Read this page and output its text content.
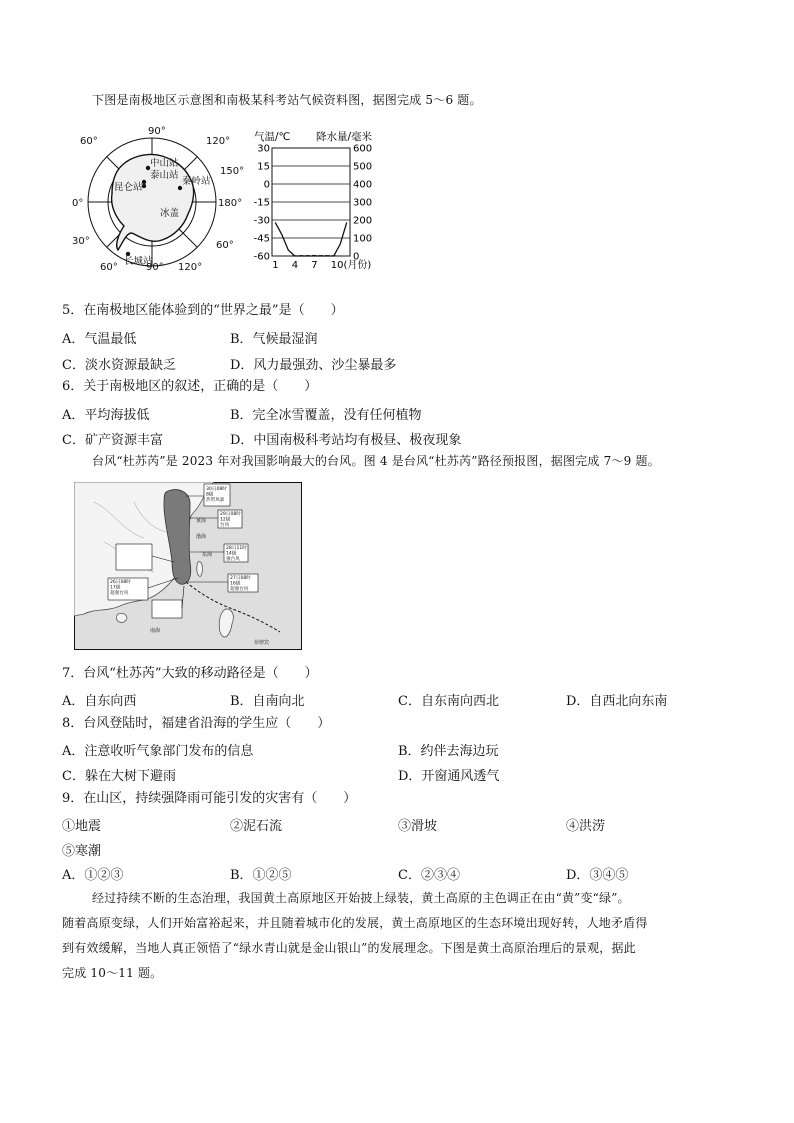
下图是南极地区示意图和南极某科考站气候资料图，据图完成 5～6 题。
90°
60°	120°
150°
0°	180°
30°	60°
60°	90° 120°
中山站
泰山站
昆仑站
秦岭站
冰盖
长城站
气温/℃ 降水量/毫米
30
15
0
-15
-30
-45
-60
600
500
400
300
200
100
0
1 4 7 10(月份)
5．在南极地区能体验到的“世界之最”是（　　）
A．气温最低	B．气候最湿润
C．淡水资源最缺乏	D．风力最强劲、沙尘暴最多
6．关于南极地区的叙述，正确的是（　　）
A．平均海拔低	B．完全冰雪覆盖，没有任何植物
C．矿产资源丰富	D．中国南极科考站均有极昼、极夜现象
台风“杜苏芮”是 2023 年对我国影响最大的台风。图 4 是台风“杜苏芮”路径预报图，据图完成 7～9 题。
30日08时 8级热带风暴
29日08时 12级台风
28日11时 14级强台风
27日08时 16级超强台风
26日08时 17级超强台风
渤海
黄海
东海
南海
菲律宾
7．台风“杜苏芮”大致的移动路径是（　　）
A．自东向西	B．自南向北	C．自东南向西北	D．自西北向东南
8．台风登陆时，福建省沿海的学生应（　　）
A．注意收听气象部门发布的信息	B．约伴去海边玩
C．躲在大树下避雨	D．开窗通风透气
9．在山区，持续强降雨可能引发的灾害有（　　）
①地震	②泥石流	③滑坡	④洪涝
⑤寒潮
A．①②③	B．①②⑤	C．②③④	D．③④⑤
经过持续不断的生态治理，我国黄土高原地区开始披上绿装，黄土高原的主色调正在由“黄”变“绿”。
随着高原变绿，人们开始富裕起来，并且随着城市化的发展，黄土高原地区的生态环境出现好转，人地矛盾得
到有效缓解，当地人真正领悟了“绿水青山就是金山银山”的发展理念。下图是黄土高原治理后的景观，据此
完成 10～11 题。
